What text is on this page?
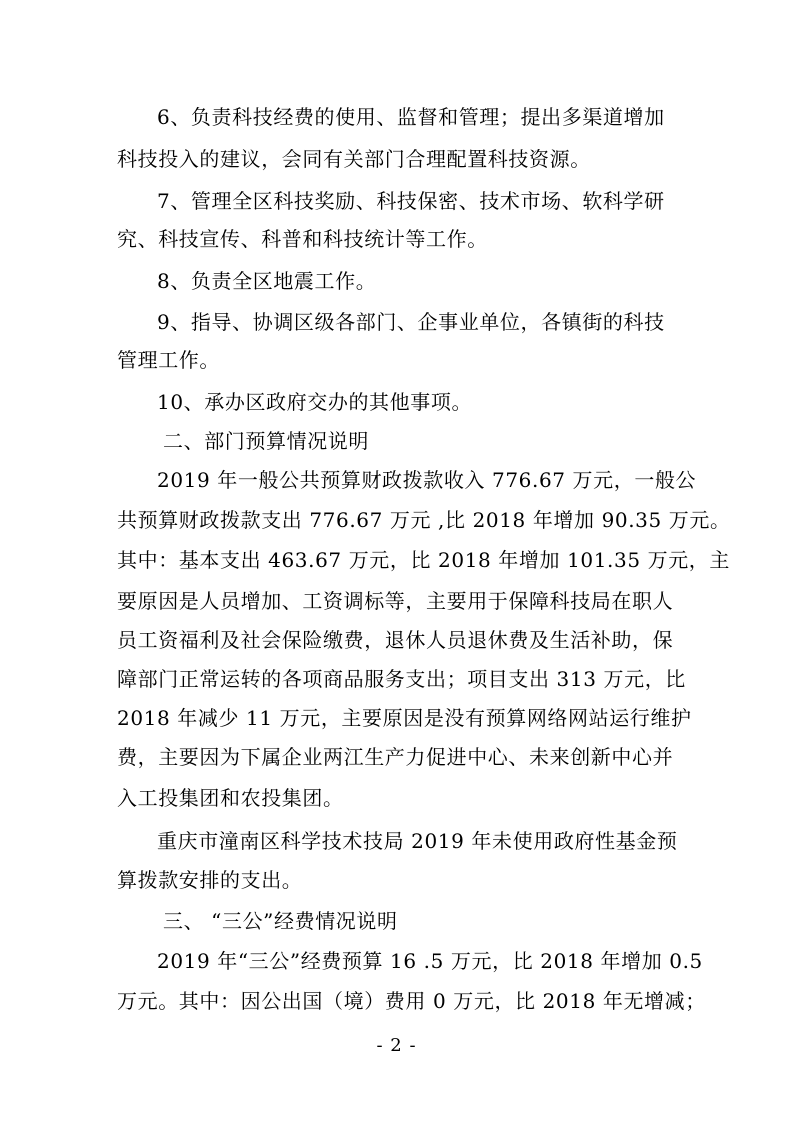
6、负责科技经费的使用、监督和管理；提出多渠道增加
科技投入的建议，会同有关部门合理配置科技资源。
7、管理全区科技奖励、科技保密、技术市场、软科学研
究、科技宣传、科普和科技统计等工作。
8、负责全区地震工作。
9、指导、协调区级各部门、企事业单位，各镇街的科技
管理工作。
10、承办区政府交办的其他事项。
二、部门预算情况说明
2019 年一般公共预算财政拨款收入 776.67 万元，一般公
共预算财政拨款支出 776.67 万元 ,比 2018 年增加 90.35 万元。
其中：基本支出 463.67 万元，比 2018 年增加 101.35 万元，主
要原因是人员增加、工资调标等，主要用于保障科技局在职人
员工资福利及社会保险缴费，退休人员退休费及生活补助，保
障部门正常运转的各项商品服务支出；项目支出 313 万元，比
2018 年减少 11 万元，主要原因是没有预算网络网站运行维护
费，主要因为下属企业两江生产力促进中心、未来创新中心并
入工投集团和农投集团。
重庆市潼南区科学技术技局 2019 年未使用政府性基金预
算拨款安排的支出。
三、 “三公”经费情况说明
2019 年“三公”经费预算 16 .5 万元，比 2018 年增加 0.5
万元。其中：因公出国（境）费用 0 万元，比 2018 年无增减；
- 2 -
